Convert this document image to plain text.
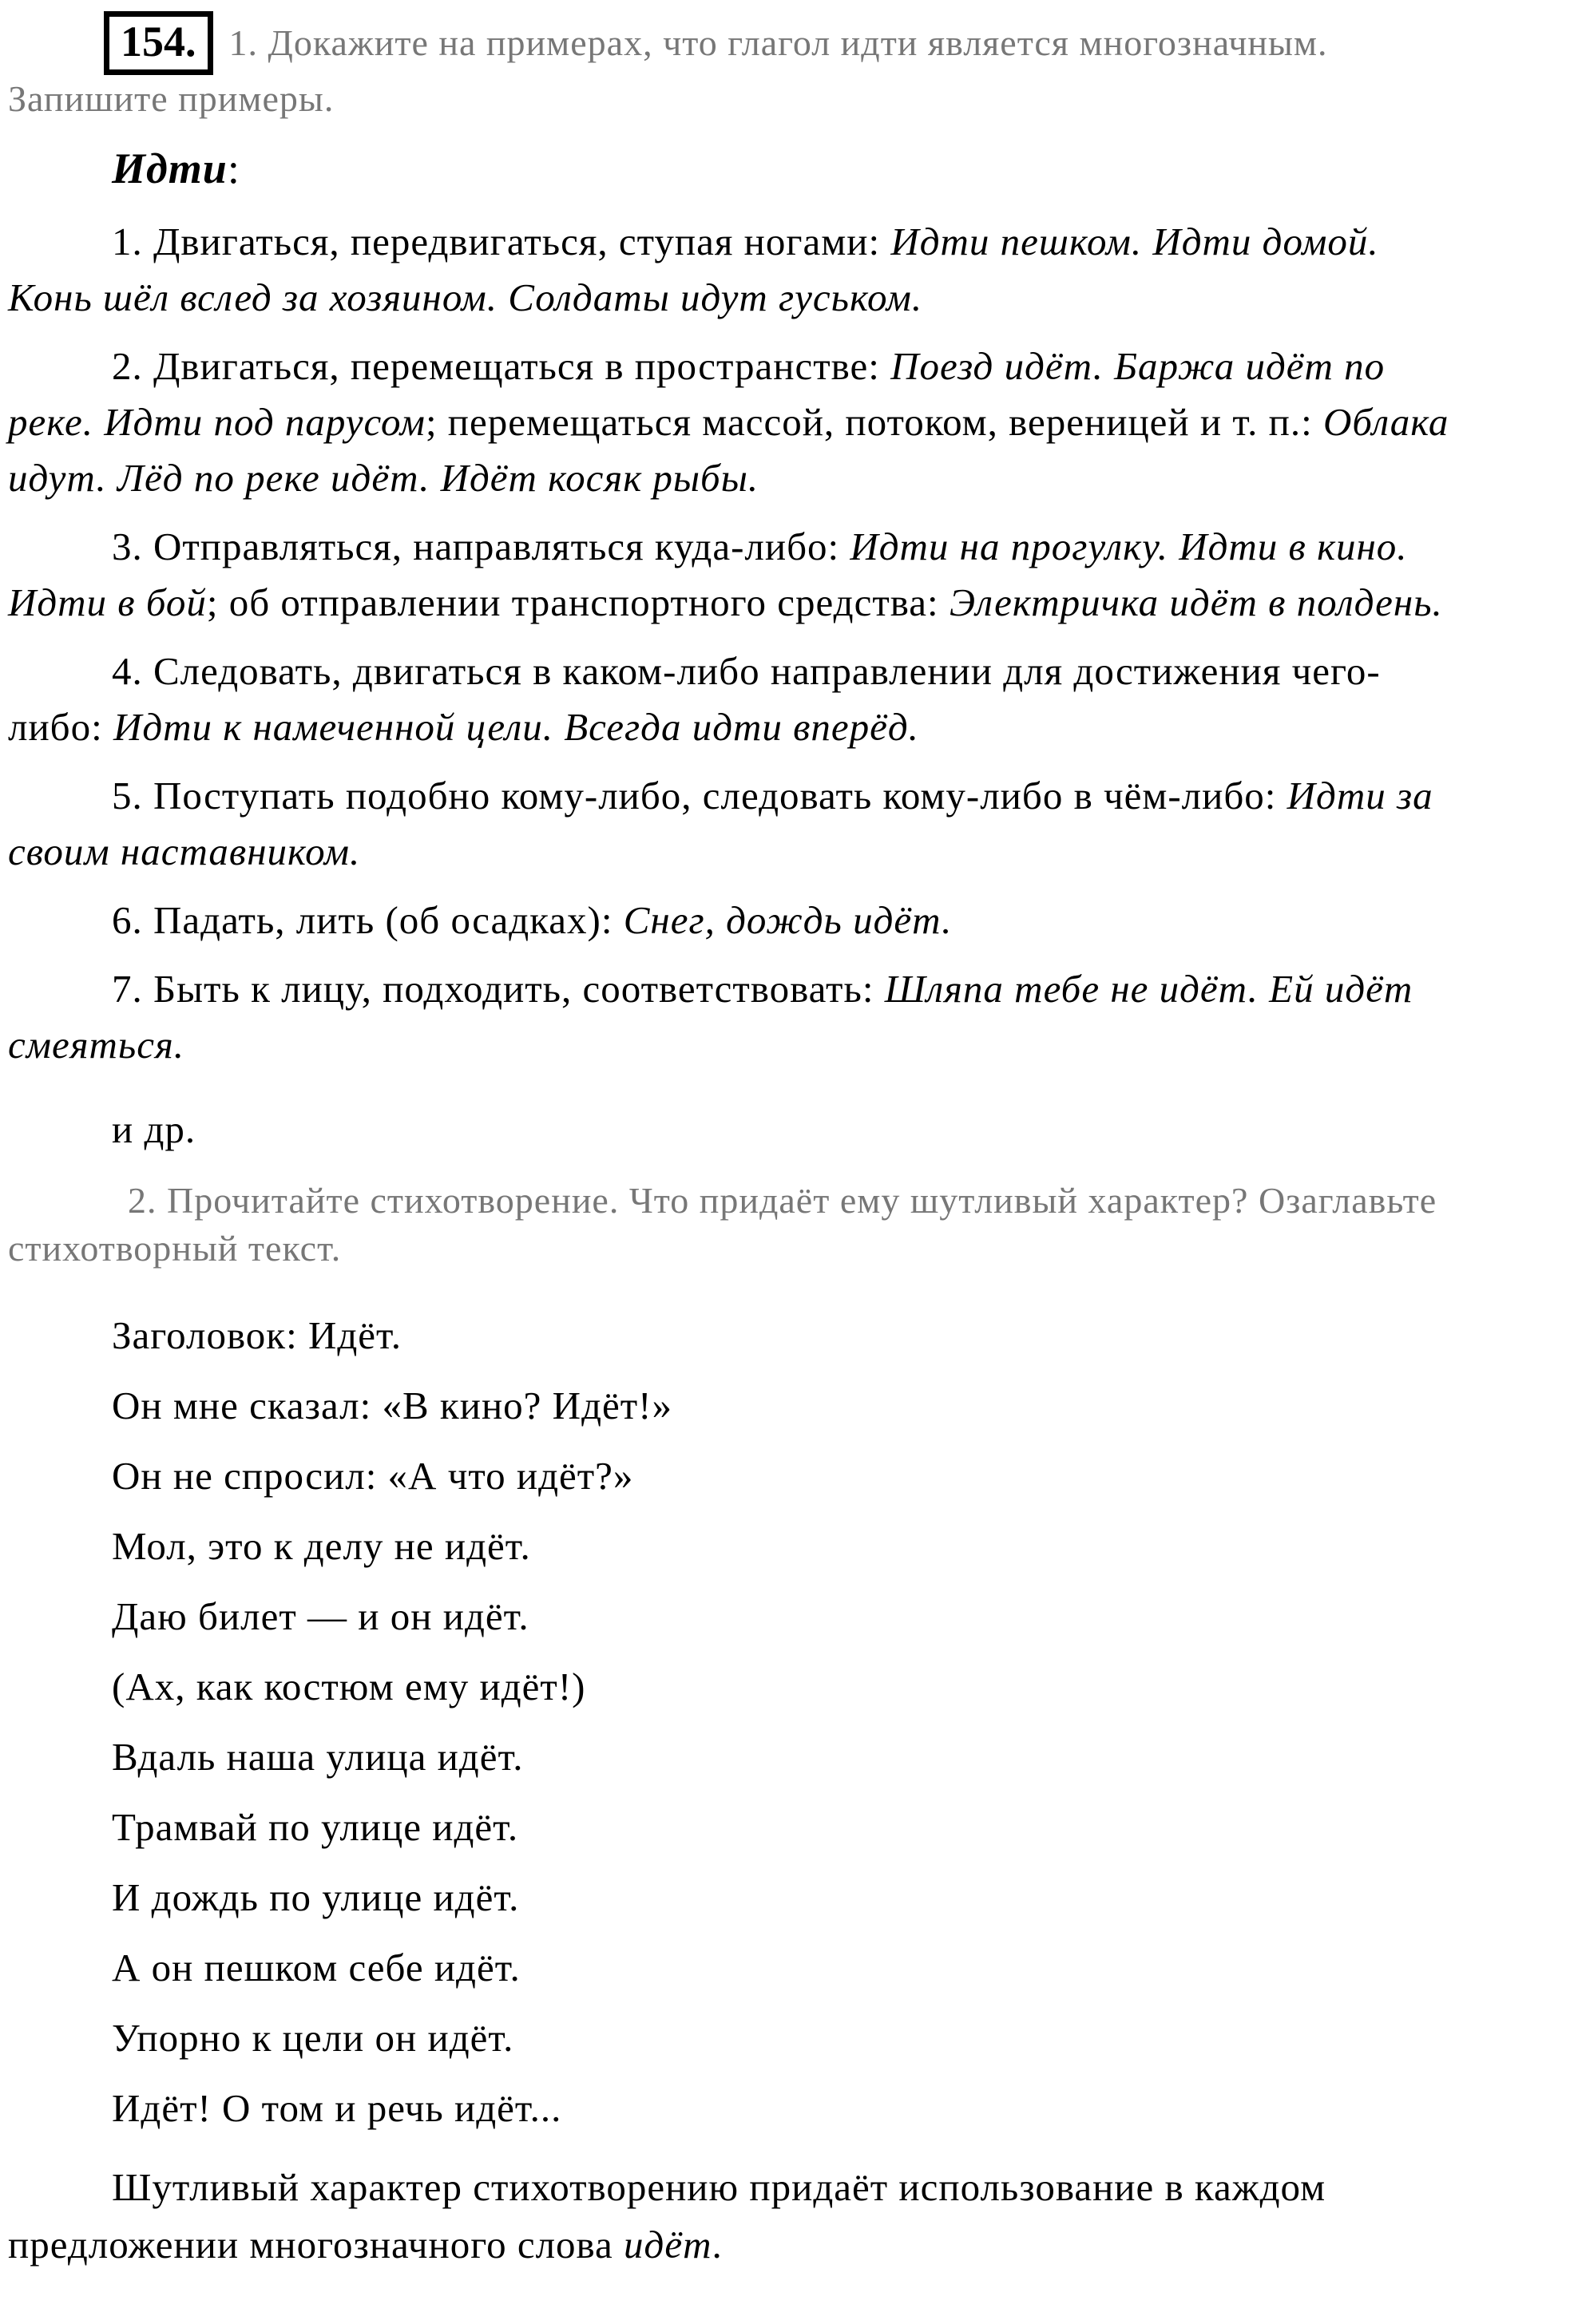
154. 1. Докажите на примерах, что глагол идти является многозначным.
Запишите примеры.
Идти:

1. Двигаться, передвигаться, ступая ногами: Идти пешком. Идти домой. Конь шёл вслед за хозяином. Солдаты идут гуськом.

2. Двигаться, перемещаться в пространстве: Поезд идёт. Баржа идёт по реке. Идти под парусом; перемещаться массой, потоком, вереницей и т. п.: Облака идут. Лёд по реке идёт. Идёт косяк рыбы.

3. Отправляться, направляться куда-либо: Идти на прогулку. Идти в кино. Идти в бой; об отправлении транспортного средства: Электричка идёт в полдень.

4. Следовать, двигаться в каком-либо направлении для достижения чего-либо: Идти к намеченной цели. Всегда идти вперёд.

5. Поступать подобно кому-либо, следовать кому-либо в чём-либо: Идти за своим наставником.

6. Падать, лить (об осадках): Снег, дождь идёт.

7. Быть к лицу, подходить, соответствовать: Шляпа тебе не идёт. Ей идёт смеяться.

и др.

2. Прочитайте стихотворение. Что придаёт ему шутливый характер? Озаглавьте стихотворный текст.

Заголовок: Идёт.

Он мне сказал: «В кино? Идёт!»

Он не спросил: «А что идёт?»

Мол, это к делу не идёт.

Даю билет — и он идёт.

(Ах, как костюм ему идёт!)

Вдаль наша улица идёт.

Трамвай по улице идёт.

И дождь по улице идёт.

А он пешком себе идёт.

Упорно к цели он идёт.

Идёт! О том и речь идёт...

Шутливый характер стихотворению придаёт использование в каждом предложении многозначного слова идёт.
